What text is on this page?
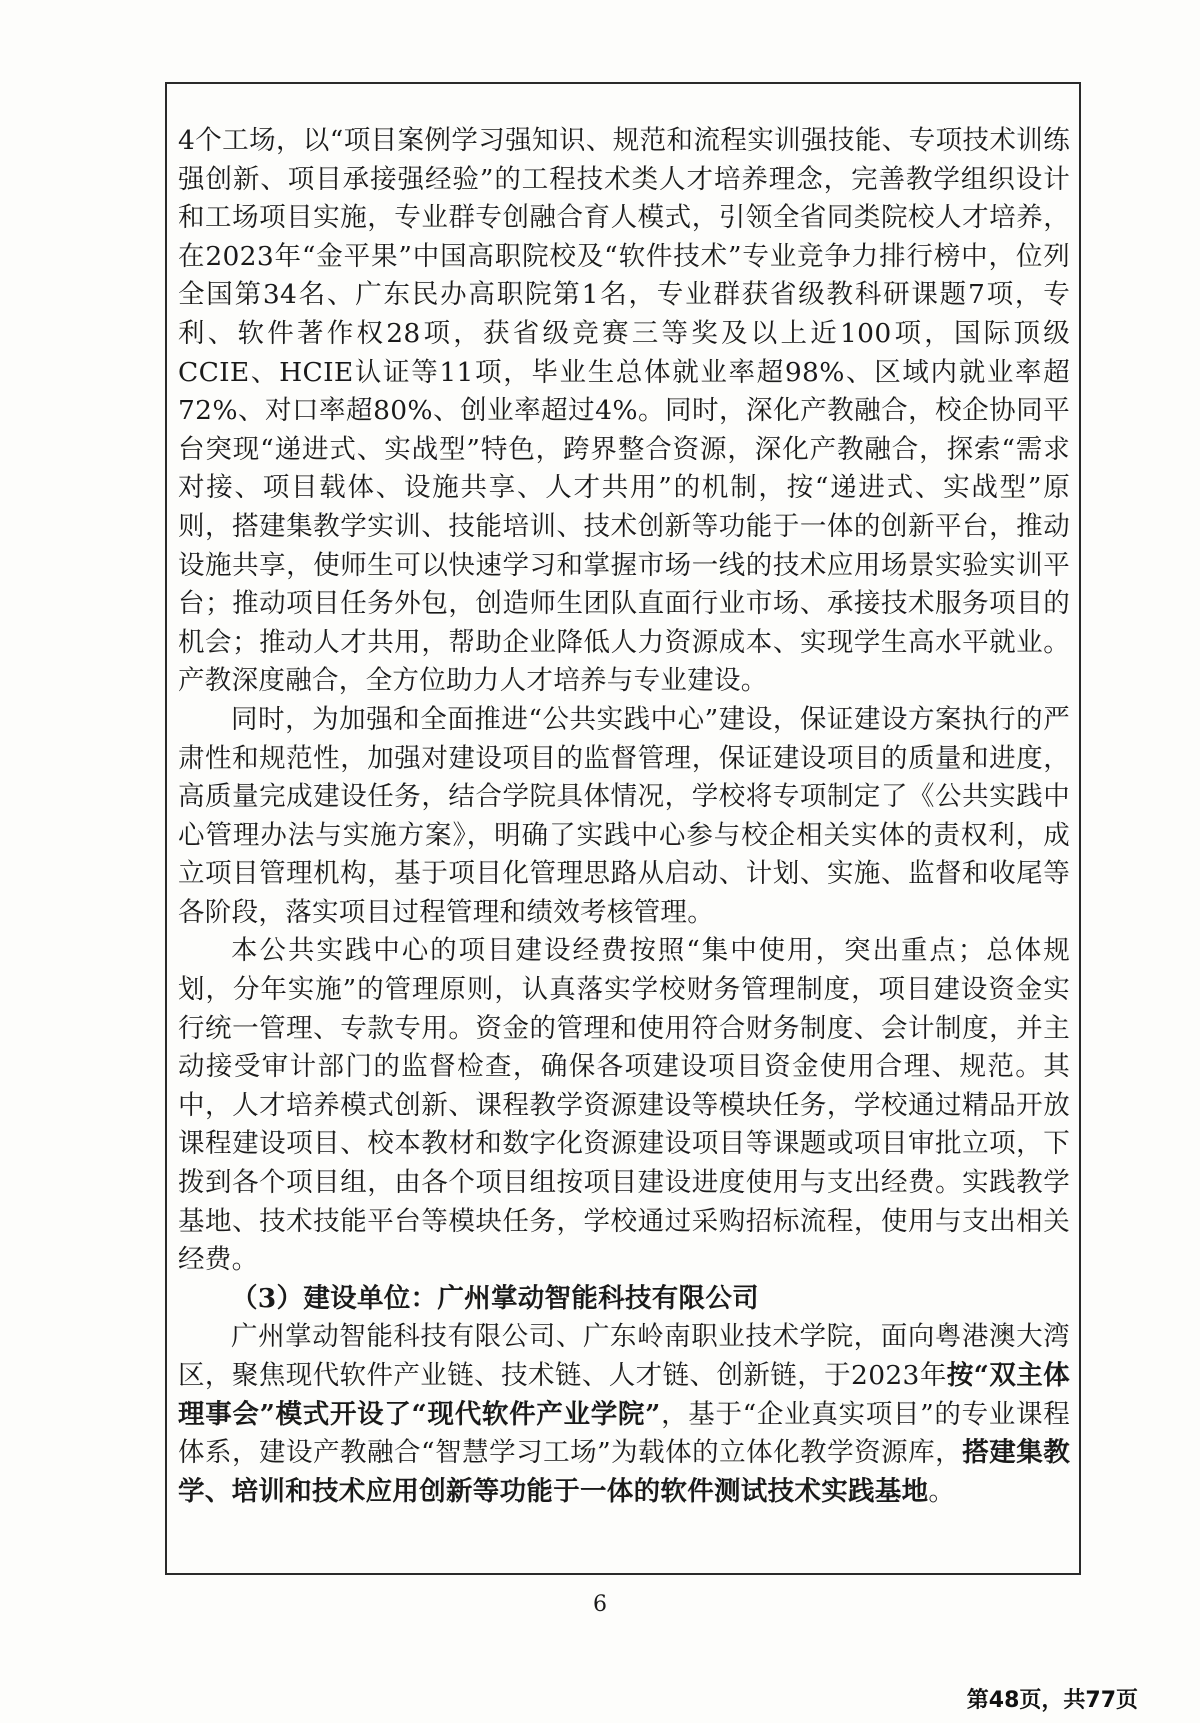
4个工场，以“项目案例学习强知识、规范和流程实训强技能、专项技术训练强创新、项目承接强经验”的工程技术类人才培养理念，完善教学组织设计和工场项目实施，专业群专创融合育人模式，引领全省同类院校人才培养，在2023年“金平果”中国高职院校及“软件技术”专业竞争力排行榜中，位列全国第34名、广东民办高职院第1名，专业群获省级教科研课题7项，专利、软件著作权28项，获省级竞赛三等奖及以上近100项，国际顶级CCIE、HCIE认证等11项，毕业生总体就业率超98%、区域内就业率超72%、对口率超80%、创业率超过4%。同时，深化产教融合，校企协同平台突现“递进式、实战型”特色，跨界整合资源，深化产教融合，探索“需求对接、项目载体、设施共享、人才共用”的机制，按“递进式、实战型”原则，搭建集教学实训、技能培训、技术创新等功能于一体的创新平台，推动设施共享，使师生可以快速学习和掌握市场一线的技术应用场景实验实训平台；推动项目任务外包，创造师生团队直面行业市场、承接技术服务项目的机会；推动人才共用，帮助企业降低人力资源成本、实现学生高水平就业。产教深度融合，全方位助力人才培养与专业建设。

同时，为加强和全面推进“公共实践中心”建设，保证建设方案执行的严肃性和规范性，加强对建设项目的监督管理，保证建设项目的质量和进度，高质量完成建设任务，结合学院具体情况，学校将专项制定了《公共实践中心管理办法与实施方案》，明确了实践中心参与校企相关实体的责权利，成立项目管理机构，基于项目化管理思路从启动、计划、实施、监督和收尾等各阶段，落实项目过程管理和绩效考核管理。

本公共实践中心的项目建设经费按照“集中使用，突出重点；总体规划，分年实施”的管理原则，认真落实学校财务管理制度，项目建设资金实行统一管理、专款专用。资金的管理和使用符合财务制度、会计制度，并主动接受审计部门的监督检查，确保各项建设项目资金使用合理、规范。其中，人才培养模式创新、课程教学资源建设等模块任务，学校通过精品开放课程建设项目、校本教材和数字化资源建设项目等课题或项目审批立项，下拨到各个项目组，由各个项目组按项目建设进度使用与支出经费。实践教学基地、技术技能平台等模块任务，学校通过采购招标流程，使用与支出相关经费。

（3）建设单位：广州掌动智能科技有限公司

广州掌动智能科技有限公司、广东岭南职业技术学院，面向粤港澳大湾区，聚焦现代软件产业链、技术链、人才链、创新链，于2023年按“双主体理事会”模式开设了“现代软件产业学院”，基于“企业真实项目”的专业课程体系，建设产教融合“智慧学习工场”为载体的立体化教学资源库，搭建集教学、培训和技术应用创新等功能于一体的软件测试技术实践基地。

6
第48页，共77页
